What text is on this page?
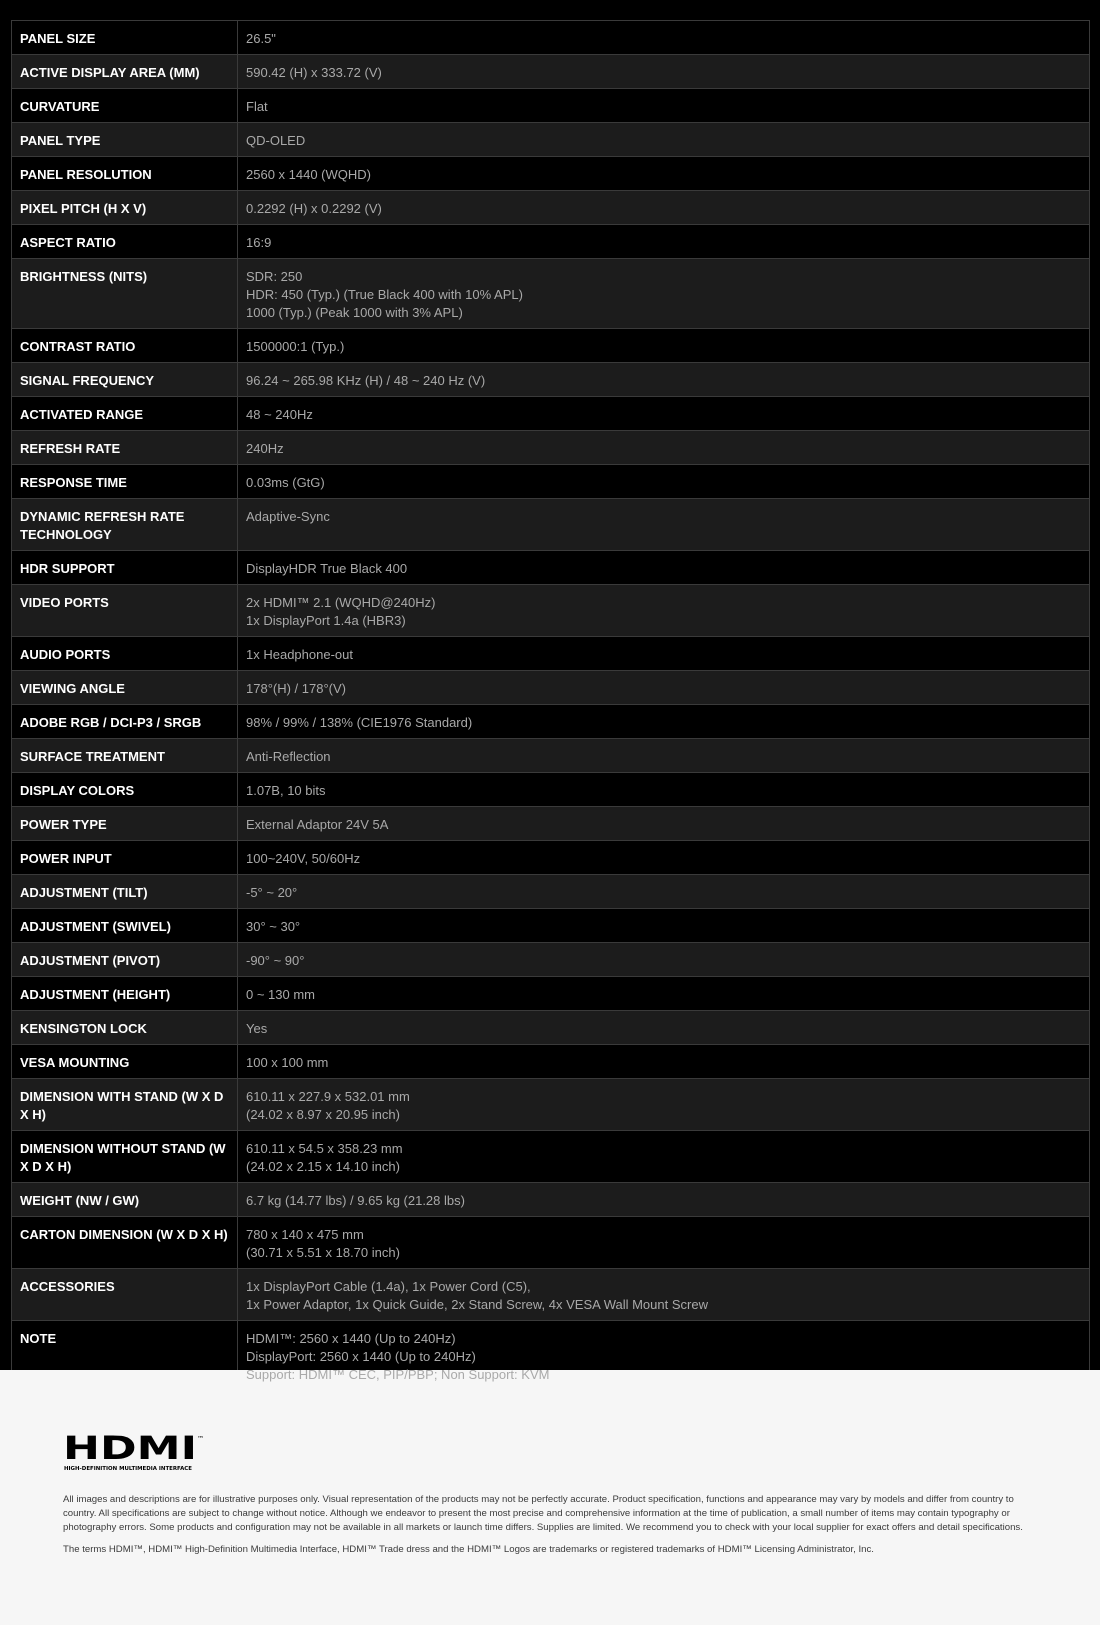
PANEL SIZE	26.5"

ACTIVE DISPLAY AREA (MM)	590.42 (H) x 333.72 (V)

CURVATURE	Flat

PANEL TYPE	QD-OLED

PANEL RESOLUTION	2560 x 1440 (WQHD)

PIXEL PITCH (H X V)	0.2292 (H) x 0.2292 (V)

ASPECT RATIO	16:9

BRIGHTNESS (NITS)	SDR: 250
HDR: 450 (Typ.) (True Black 400 with 10% APL)
1000 (Typ.) (Peak 1000 with 3% APL)

CONTRAST RATIO	1500000:1 (Typ.)

SIGNAL FREQUENCY	96.24 ~ 265.98 KHz (H) / 48 ~ 240 Hz (V)

ACTIVATED RANGE	48 ~ 240Hz

REFRESH RATE	240Hz

RESPONSE TIME	0.03ms (GtG)

DYNAMIC REFRESH RATE TECHNOLOGY	Adaptive-Sync

HDR SUPPORT	DisplayHDR True Black 400

VIDEO PORTS	2x HDMI™ 2.1 (WQHD@240Hz)
1x DisplayPort 1.4a (HBR3)

AUDIO PORTS	1x Headphone-out

VIEWING ANGLE	178°(H) / 178°(V)

ADOBE RGB / DCI-P3 / SRGB	98% / 99% / 138% (CIE1976 Standard)

SURFACE TREATMENT	Anti-Reflection

DISPLAY COLORS	1.07B, 10 bits

POWER TYPE	External Adaptor 24V 5A

POWER INPUT	100~240V, 50/60Hz

ADJUSTMENT (TILT)	-5° ~ 20°

ADJUSTMENT (SWIVEL)	30° ~ 30°

ADJUSTMENT (PIVOT)	-90° ~ 90°

ADJUSTMENT (HEIGHT)	0 ~ 130 mm

KENSINGTON LOCK	Yes

VESA MOUNTING	100 x 100 mm

DIMENSION WITH STAND (W X D X H)	610.11 x 227.9 x 532.01 mm
(24.02 x 8.97 x 20.95 inch)

DIMENSION WITHOUT STAND (W X D X H)	610.11 x 54.5 x 358.23 mm
(24.02 x 2.15 x 14.10 inch)

WEIGHT (NW / GW)	6.7 kg (14.77 lbs) / 9.65 kg (21.28 lbs)

CARTON DIMENSION (W X D X H)	780 x 140 x 475 mm
(30.71 x 5.51 x 18.70 inch)

ACCESSORIES	1x DisplayPort Cable (1.4a), 1x Power Cord (C5),
1x Power Adaptor, 1x Quick Guide, 2x Stand Screw, 4x VESA Wall Mount Screw

NOTE	HDMI™: 2560 x 1440 (Up to 240Hz)
DisplayPort: 2560 x 1440 (Up to 240Hz)
Support: HDMI™ CEC, PIP/PBP; Non Support: KVM
HDMI ™
HIGH-DEFINITION MULTIMEDIA INTERFACE
All images and descriptions are for illustrative purposes only. Visual representation of the products may not be perfectly accurate. Product specification, functions and appearance may vary by models and differ from country to country. All specifications are subject to change without notice. Although we endeavor to present the most precise and comprehensive information at the time of publication, a small number of items may contain typography or photography errors. Some products and configuration may not be available in all markets or launch time differs. Supplies are limited. We recommend you to check with your local supplier for exact offers and detail specifications.
The terms HDMI™, HDMI™ High-Definition Multimedia Interface, HDMI™ Trade dress and the HDMI™ Logos are trademarks or registered trademarks of HDMI™ Licensing Administrator, Inc.
